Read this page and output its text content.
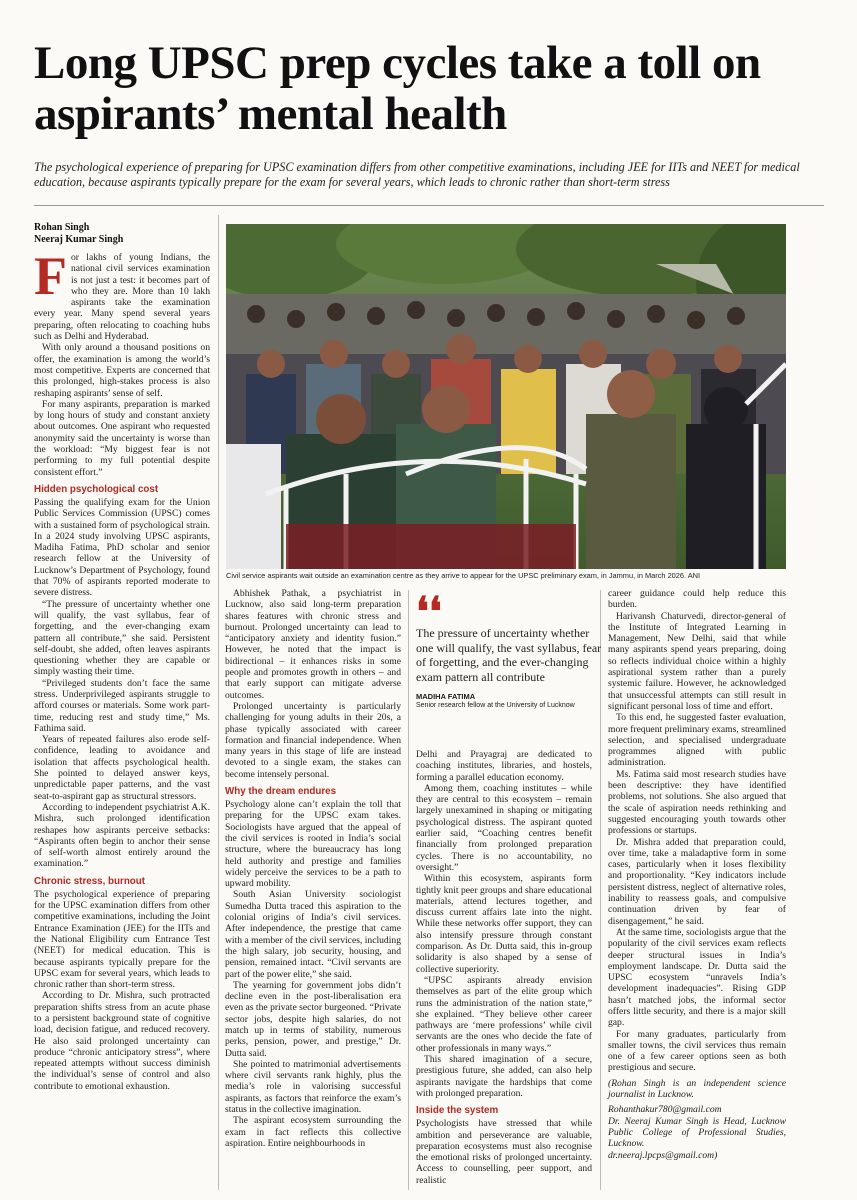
Long UPSC prep cycles take a toll on aspirants’ mental health
The psychological experience of preparing for UPSC examination differs from other competitive examinations, including JEE for IITs and NEET for medical education, because aspirants typically prepare for the exam for several years, which leads to chronic rather than short-term stress
Rohan Singh
Neeraj Kumar Singh

For lakhs of young Indians, the national civil services examination is not just a test: it becomes part of who they are. More than 10 lakh aspirants take the examination every year. Many spend several years preparing, often relocating to coaching hubs such as Delhi and Hyderabad.

With only around a thousand positions on offer, the examination is among the world’s most competitive. Experts are concerned that this prolonged, high-stakes process is also reshaping aspirants’ sense of self.

For many aspirants, preparation is marked by long hours of study and constant anxiety about outcomes. One aspirant who requested anonymity said the uncertainty is worse than the workload: “My biggest fear is not performing to my full potential despite consistent effort.”

Hidden psychological cost

Passing the qualifying exam for the Union Public Services Commission (UPSC) comes with a sustained form of psychological strain. In a 2024 study involving UPSC aspirants, Madiha Fatima, PhD scholar and senior research fellow at the University of Lucknow’s Department of Psychology, found that 70% of aspirants reported moderate to severe distress.

“The pressure of uncertainty whether one will qualify, the vast syllabus, fear of forgetting, and the ever-changing exam pattern all contribute,” she said. Persistent self-doubt, she added, often leaves aspirants questioning whether they are capable or simply wasting their time.

“Privileged students don’t face the same stress. Underprivileged aspirants struggle to afford courses or materials. Some work part-time, reducing rest and study time,” Ms. Fathima said.

Years of repeated failures also erode self-confidence, leading to avoidance and isolation that affects psychological health. She pointed to delayed answer keys, unpredictable paper patterns, and the vast seat-to-aspirant gap as structural stressors.

According to independent psychiatrist A.K. Mishra, such prolonged identification reshapes how aspirants perceive setbacks: “Aspirants often begin to anchor their sense of self-worth almost entirely around the examination.”

Chronic stress, burnout

The psychological experience of preparing for the UPSC examination differs from other competitive examinations, including the Joint Entrance Examination (JEE) for the IITs and the National Eligibility cum Entrance Test (NEET) for medical education. This is because aspirants typically prepare for the UPSC exam for several years, which leads to chronic rather than short-term stress.

According to Dr. Mishra, such protracted preparation shifts stress from an acute phase to a persistent background state of cognitive load, decision fatigue, and reduced recovery. He also said prolonged uncertainty can produce “chronic anticipatory stress”, where repeated attempts without success diminish the individual’s sense of control and also contribute to emotional exhaustion.

Civil service aspirants wait outside an examination centre as they arrive to appear for the UPSC preliminary exam, in Jammu, in March 2026. ANI

Abhishek Pathak, a psychiatrist in Lucknow, also said long-term preparation shares features with chronic stress and burnout. Prolonged uncertainty can lead to “anticipatory anxiety and identity fusion.” However, he noted that the impact is bidirectional – it enhances risks in some people and promotes growth in others – and that early support can mitigate adverse outcomes.

Prolonged uncertainty is particularly challenging for young adults in their 20s, a phase typically associated with career formation and financial independence. When many years in this stage of life are instead devoted to a single exam, the stakes can become intensely personal.

Why the dream endures

Psychology alone can’t explain the toll that preparing for the UPSC exam takes. Sociologists have argued that the appeal of the civil services is rooted in India’s social structure, where the bureaucracy has long held authority and prestige and families widely perceive the services to be a path to upward mobility.

South Asian University sociologist Sumedha Dutta traced this aspiration to the colonial origins of India’s civil services. After independence, the prestige that came with a member of the civil services, including the high salary, job security, housing, and pension, remained intact. “Civil servants are part of the power elite,” she said.

The yearning for government jobs didn’t decline even in the post-liberalisation era even as the private sector burgeoned. “Private sector jobs, despite high salaries, do not match up in terms of stability, numerous perks, pension, power, and prestige,” Dr. Dutta said.

She pointed to matrimonial advertisements where civil servants rank highly, plus the media’s role in valorising successful aspirants, as factors that reinforce the exam’s status in the collective imagination.

The aspirant ecosystem surrounding the exam in fact reflects this collective aspiration. Entire neighbourhoods in

❛❛
The pressure of uncertainty whether one will qualify, the vast syllabus, fear of forgetting, and the ever-changing exam pattern all contribute
MADIHA FATIMA
Senior research fellow at the University of Lucknow

Delhi and Prayagraj are dedicated to coaching institutes, libraries, and hostels, forming a parallel education economy.

Among them, coaching institutes – while they are central to this ecosystem – remain largely unexamined in shaping or mitigating psychological distress. The aspirant quoted earlier said, “Coaching centres benefit financially from prolonged preparation cycles. There is no accountability, no oversight.”

Within this ecosystem, aspirants form tightly knit peer groups and share educational materials, attend lectures together, and discuss current affairs late into the night. While these networks offer support, they can also intensify pressure through constant comparison. As Dr. Dutta said, this in-group solidarity is also shaped by a sense of collective superiority.

“UPSC aspirants already envision themselves as part of the elite group which runs the administration of the nation state,” she explained. “They believe other career pathways are ‘mere professions’ while civil servants are the ones who decide the fate of other professionals in many ways.”

This shared imagination of a secure, prestigious future, she added, can also help aspirants navigate the hardships that come with prolonged preparation.

Inside the system

Psychologists have stressed that while ambition and perseverance are valuable, preparation ecosystems must also recognise the emotional risks of prolonged uncertainty. Access to counselling, peer support, and realistic

career guidance could help reduce this burden.

Harivansh Chaturvedi, director-general of the Institute of Integrated Learning in Management, New Delhi, said that while many aspirants spend years preparing, doing so reflects individual choice within a highly aspirational system rather than a purely systemic failure. However, he acknowledged that unsuccessful attempts can still result in significant personal loss of time and effort.

To this end, he suggested faster evaluation, more frequent preliminary exams, streamlined selection, and specialised undergraduate programmes aligned with public administration.

Ms. Fatima said most research studies have been descriptive: they have identified problems, not solutions. She also argued that the scale of aspiration needs rethinking and suggested encouraging youth towards other professions or startups.

Dr. Mishra added that preparation could, over time, take a maladaptive form in some cases, particularly when it loses flexibility and proportionality. “Key indicators include persistent distress, neglect of alternative roles, inability to reassess goals, and compulsive continuation driven by fear of disengagement,” he said.

At the same time, sociologists argue that the popularity of the civil services exam reflects deeper structural issues in India’s employment landscape. Dr. Dutta said the UPSC ecosystem “unravels India’s development inadequacies”. Rising GDP hasn’t matched jobs, the informal sector offers little security, and there is a major skill gap.

For many graduates, particularly from smaller towns, the civil services thus remain one of a few career options seen as both prestigious and secure.

(Rohan Singh is an independent science journalist in Lucknow.

Rohanthakur780@gmail.com

Dr. Neeraj Kumar Singh is Head, Lucknow Public College of Professional Studies, Lucknow.

dr.neeraj.lpcps@gmail.com)
